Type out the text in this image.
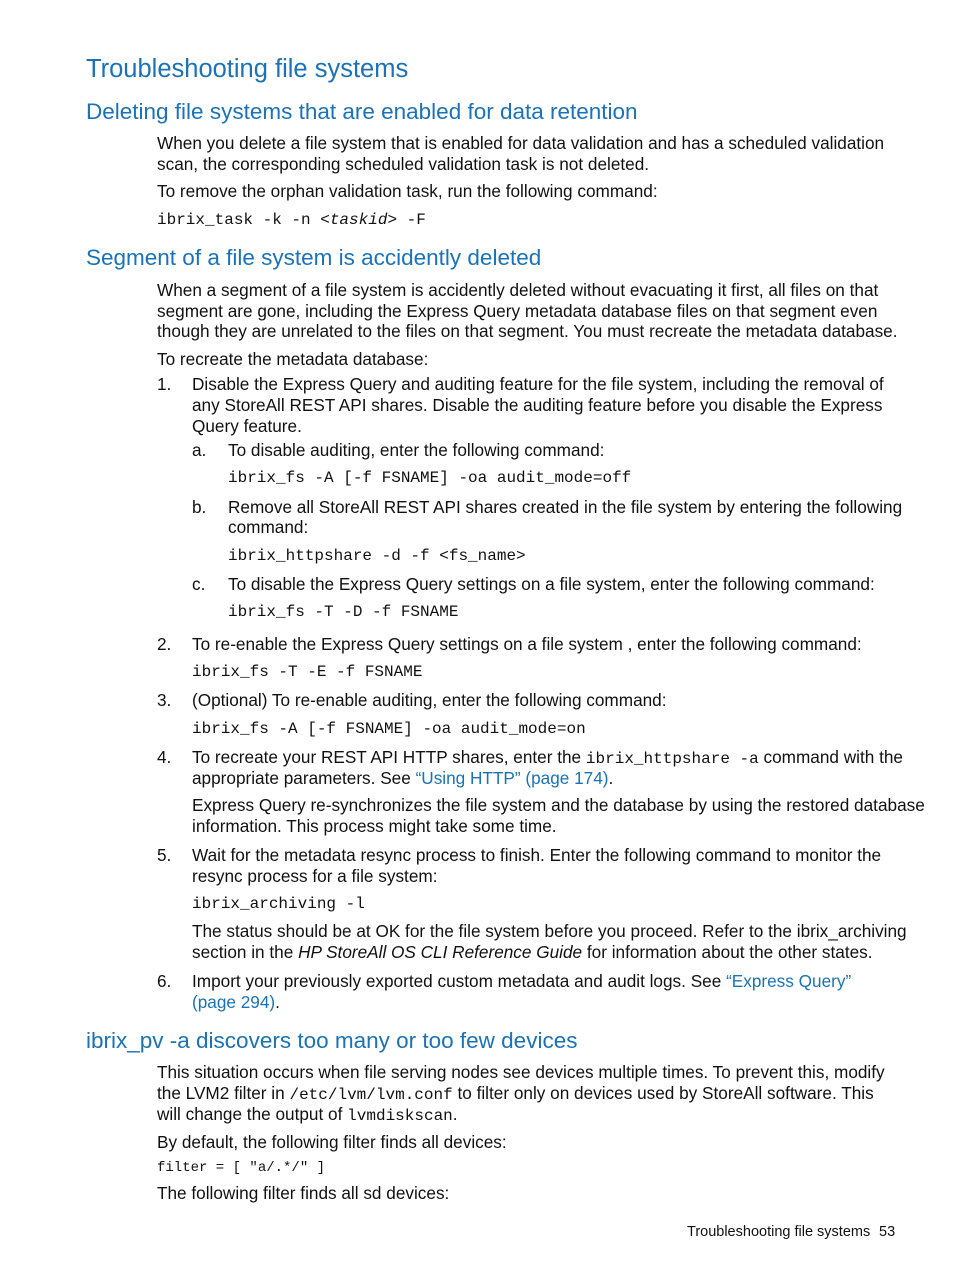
Troubleshooting file systems
Deleting file systems that are enabled for data retention
When you delete a file system that is enabled for data validation and has a scheduled validation
scan, the corresponding scheduled validation task is not deleted.
To remove the orphan validation task, run the following command:
ibrix_task -k -n <taskid> -F
Segment of a file system is accidently deleted
When a segment of a file system is accidently deleted without evacuating it first, all files on that
segment are gone, including the Express Query metadata database files on that segment even
though they are unrelated to the files on that segment. You must recreate the metadata database.
To recreate the metadata database:
1. Disable the Express Query and auditing feature for the file system, including the removal of
any StoreAll REST API shares. Disable the auditing feature before you disable the Express
Query feature.
a. To disable auditing, enter the following command:
ibrix_fs -A [-f FSNAME] -oa audit_mode=off
b. Remove all StoreAll REST API shares created in the file system by entering the following
command:
ibrix_httpshare -d -f <fs_name>
c. To disable the Express Query settings on a file system, enter the following command:
ibrix_fs -T -D -f FSNAME
2. To re-enable the Express Query settings on a file system , enter the following command:
ibrix_fs -T -E -f FSNAME
3. (Optional) To re-enable auditing, enter the following command:
ibrix_fs -A [-f FSNAME] -oa audit_mode=on
4. To recreate your REST API HTTP shares, enter the ibrix_httpshare -a command with the
appropriate parameters. See “Using HTTP” (page 174).
Express Query re-synchronizes the file system and the database by using the restored database
information. This process might take some time.
5. Wait for the metadata resync process to finish. Enter the following command to monitor the
resync process for a file system:
ibrix_archiving -l
The status should be at OK for the file system before you proceed. Refer to the ibrix_archiving
section in the HP StoreAll OS CLI Reference Guide for information about the other states.
6. Import your previously exported custom metadata and audit logs. See “Express Query”
(page 294).
ibrix_pv -a discovers too many or too few devices
This situation occurs when file serving nodes see devices multiple times. To prevent this, modify
the LVM2 filter in /etc/lvm/lvm.conf to filter only on devices used by StoreAll software. This
will change the output of lvmdiskscan.
By default, the following filter finds all devices:
filter = [ "a/.*/" ]
The following filter finds all sd devices:
Troubleshooting file systems 53
